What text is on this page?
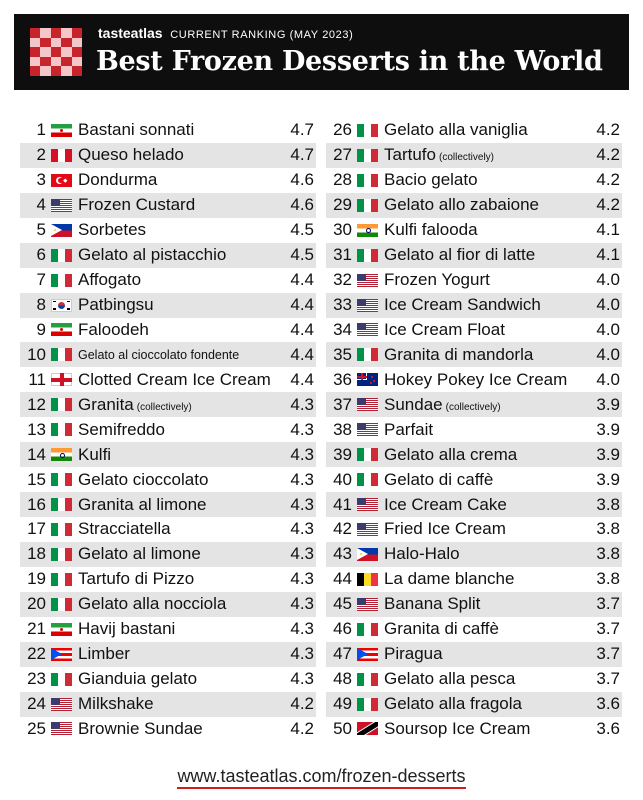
tasteatlas CURRENT RANKING (MAY 2023)
Best Frozen Desserts in the World
1 Bastani sonnati	4.7
2 Queso helado	4.7
3 Dondurma	4.6
4 Frozen Custard	4.6
5 Sorbetes	4.5
6 Gelato al pistacchio	4.5
7 Affogato	4.4
8 Patbingsu	4.4
9 Faloodeh	4.4
10	Gelato al cioccolato fondente	4.4
11 Clotted Cream Ice Cream	4.4
12 Granita (collectively)	4.3
13 Semifreddo	4.3
14 Kulfi	4.3
15 Gelato cioccolato	4.3
16 Granita al limone	4.3
17 Stracciatella	4.3
18 Gelato al limone	4.3
19 Tartufo di Pizzo	4.3
20 Gelato alla nocciola	4.3
21 Havij bastani	4.3
22 Limber	4.3
23 Gianduia gelato	4.3
24 Milkshake	4.2
25 Brownie Sundae	4.2
26 Gelato alla vaniglia	4.2
27 Tartufo (collectively)	4.2
28 Bacio gelato	4.2
29 Gelato allo zabaione	4.2
30 Kulfi falooda	4.1
31 Gelato al fior di latte	4.1
32 Frozen Yogurt	4.0
33 Ice Cream Sandwich	4.0
34 Ice Cream Float	4.0
35 Granita di mandorla	4.0
36 Hokey Pokey Ice Cream	4.0
37 Sundae (collectively)	3.9
38 Parfait	3.9
39 Gelato alla crema	3.9
40 Gelato di caffè	3.9
41 Ice Cream Cake	3.8
42 Fried Ice Cream	3.8
43 Halo-Halo	3.8
44 La dame blanche	3.8
45 Banana Split	3.7
46 Granita di caffè	3.7
47 Piragua	3.7
48 Gelato alla pesca	3.7
49 Gelato alla fragola	3.6
50 Soursop Ice Cream	3.6
www.tasteatlas.com/frozen-desserts
